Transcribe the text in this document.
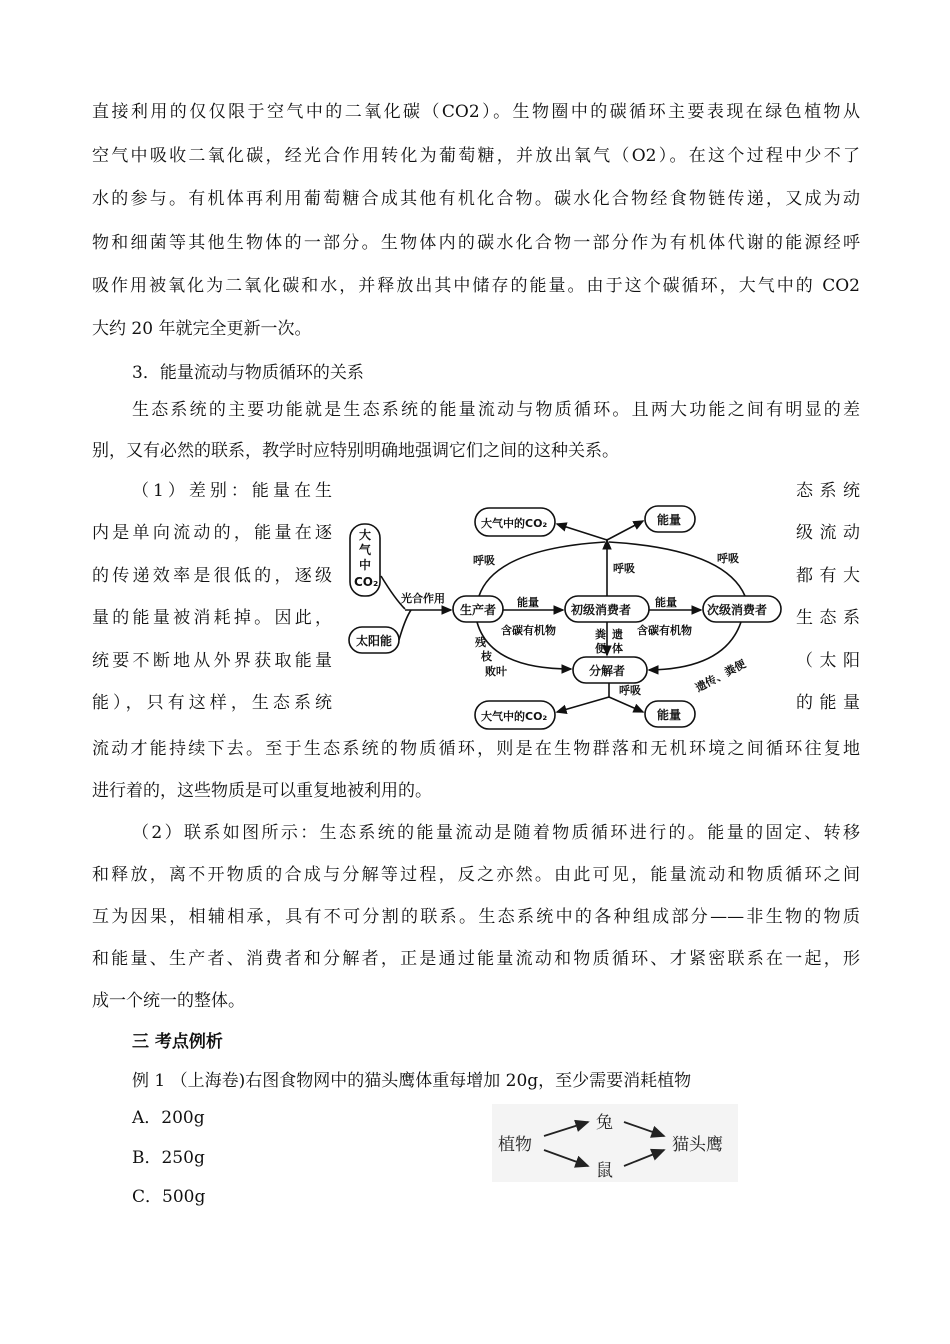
直接利用的仅仅限于空气中的二氧化碳（CO2）。生物圈中的碳循环主要表现在绿色植物从
空气中吸收二氧化碳，经光合作用转化为葡萄糖，并放出氧气（O2）。在这个过程中少不了
水的参与。有机体再利用葡萄糖合成其他有机化合物。碳水化合物经食物链传递，又成为动
物和细菌等其他生物体的一部分。生物体内的碳水化合物一部分作为有机体代谢的能源经呼
吸作用被氧化为二氧化碳和水，并释放出其中储存的能量。由于这个碳循环，大气中的 CO2
大约 20 年就完全更新一次。
3．能量流动与物质循环的关系
生态系统的主要功能就是生态系统的能量流动与物质循环。且两大功能之间有明显的差
别，又有必然的联系，教学时应特别明确地强调它们之间的这种关系。
（1）差别：能量在生
内是单向流动的，能量在逐
的传递效率是很低的，逐级
量的能量被消耗掉。因此，
统要不断地从外界获取能量
能），只有这样，生态系统
态系统
级流动
都有大
生态系
（太阳
的能量
流动才能持续下去。至于生态系统的物质循环，则是在生物群落和无机环境之间循环往复地
进行着的，这些物质是可以重复地被利用的。
大
气
中
CO₂
太阳能
光合作用
生产者	初级消费者	次级消费者
分解者
大气中的CO₂	能量
大气中的CO₂	能量
呼吸
呼吸
呼吸
呼吸
能量	能量
含碳有机物	含碳有机物
残
枝
败叶
粪
便
遗
体
遗传、粪便
（2）联系如图所示：生态系统的能量流动是随着物质循环进行的。能量的固定、转移
和释放，离不开物质的合成与分解等过程，反之亦然。由此可见，能量流动和物质循环之间
互为因果，相辅相承，具有不可分割的联系。生态系统中的各种组成部分——非生物的物质
和能量、生产者、消费者和分解者，正是通过能量流动和物质循环、才紧密联系在一起，形
成一个统一的整体。
三 考点例析
例 1 （上海卷)右图食物网中的猫头鹰体重每增加 20g，至少需要消耗植物
A．200g
B．250g
C．500g
植物
兔
鼠
猫头鹰
